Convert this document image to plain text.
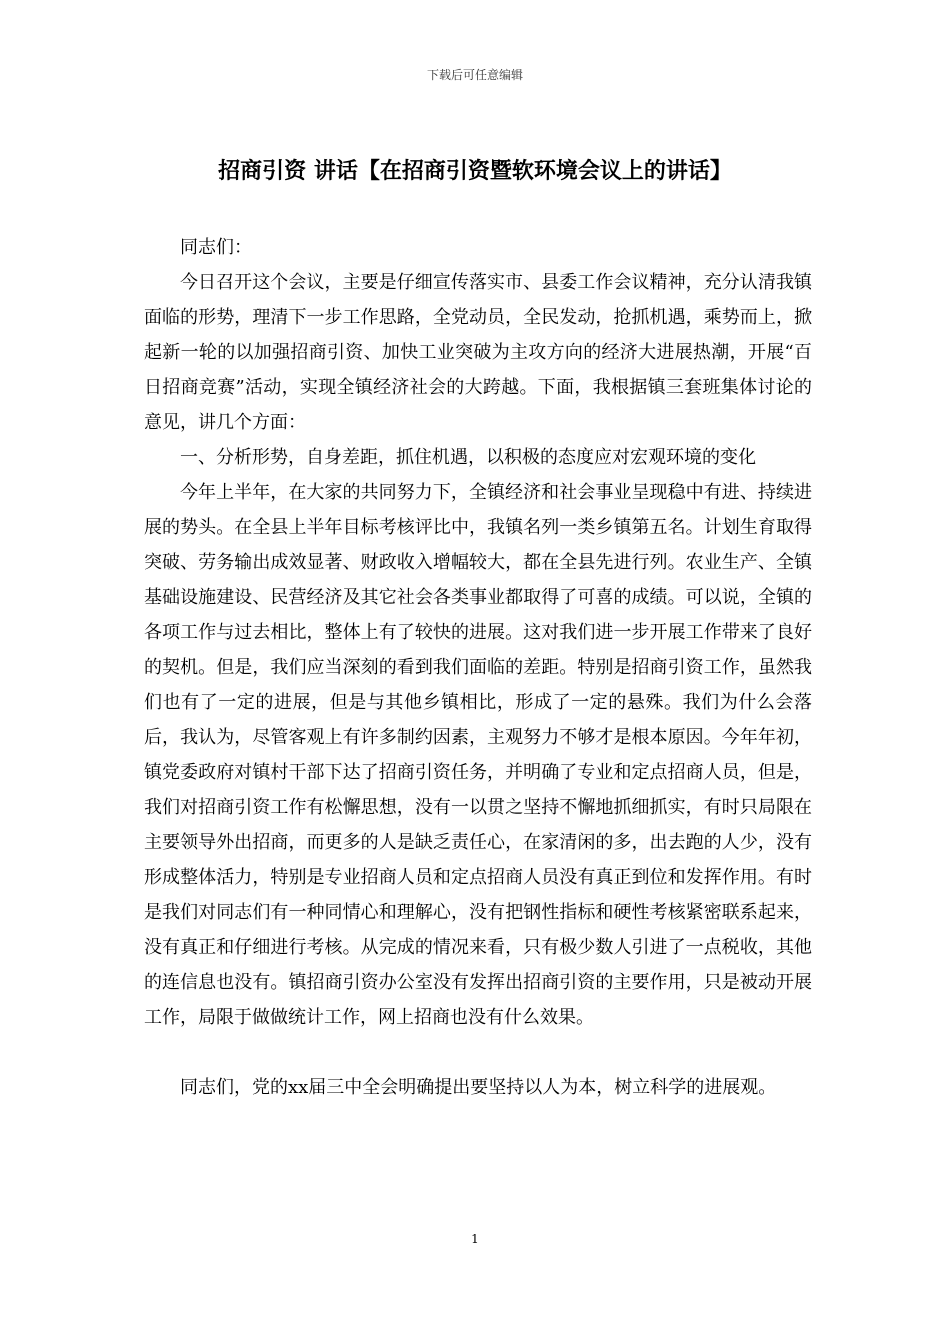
下载后可任意编辑
招商引资 讲话【在招商引资暨软环境会议上的讲话】

同志们：

今日召开这个会议，主要是仔细宣传落实市、县委工作会议精神，充分认清我镇面临的形势，理清下一步工作思路，全党动员，全民发动，抢抓机遇，乘势而上，掀起新一轮的以加强招商引资、加快工业突破为主攻方向的经济大进展热潮，开展“百日招商竞赛”活动，实现全镇经济社会的大跨越。下面，我根据镇三套班集体讨论的意见，讲几个方面：

一、分析形势，自身差距，抓住机遇，以积极的态度应对宏观环境的变化

今年上半年，在大家的共同努力下，全镇经济和社会事业呈现稳中有进、持续进展的势头。在全县上半年目标考核评比中，我镇名列一类乡镇第五名。计划生育取得突破、劳务输出成效显著、财政收入增幅较大，都在全县先进行列。农业生产、全镇基础设施建设、民营经济及其它社会各类事业都取得了可喜的成绩。可以说，全镇的各项工作与过去相比，整体上有了较快的进展。这对我们进一步开展工作带来了良好的契机。但是，我们应当深刻的看到我们面临的差距。特别是招商引资工作，虽然我们也有了一定的进展，但是与其他乡镇相比，形成了一定的悬殊。我们为什么会落后，我认为，尽管客观上有许多制约因素，主观努力不够才是根本原因。今年年初，镇党委政府对镇村干部下达了招商引资任务，并明确了专业和定点招商人员，但是，我们对招商引资工作有松懈思想，没有一以贯之坚持不懈地抓细抓实，有时只局限在主要领导外出招商，而更多的人是缺乏责任心，在家清闲的多，出去跑的人少，没有形成整体活力，特别是专业招商人员和定点招商人员没有真正到位和发挥作用。有时是我们对同志们有一种同情心和理解心，没有把钢性指标和硬性考核紧密联系起来，没有真正和仔细进行考核。从完成的情况来看，只有极少数人引进了一点税收，其他的连信息也没有。镇招商引资办公室没有发挥出招商引资的主要作用，只是被动开展工作，局限于做做统计工作，网上招商也没有什么效果。

同志们，党的xx届三中全会明确提出要坚持以人为本，树立科学的进展观。

1
